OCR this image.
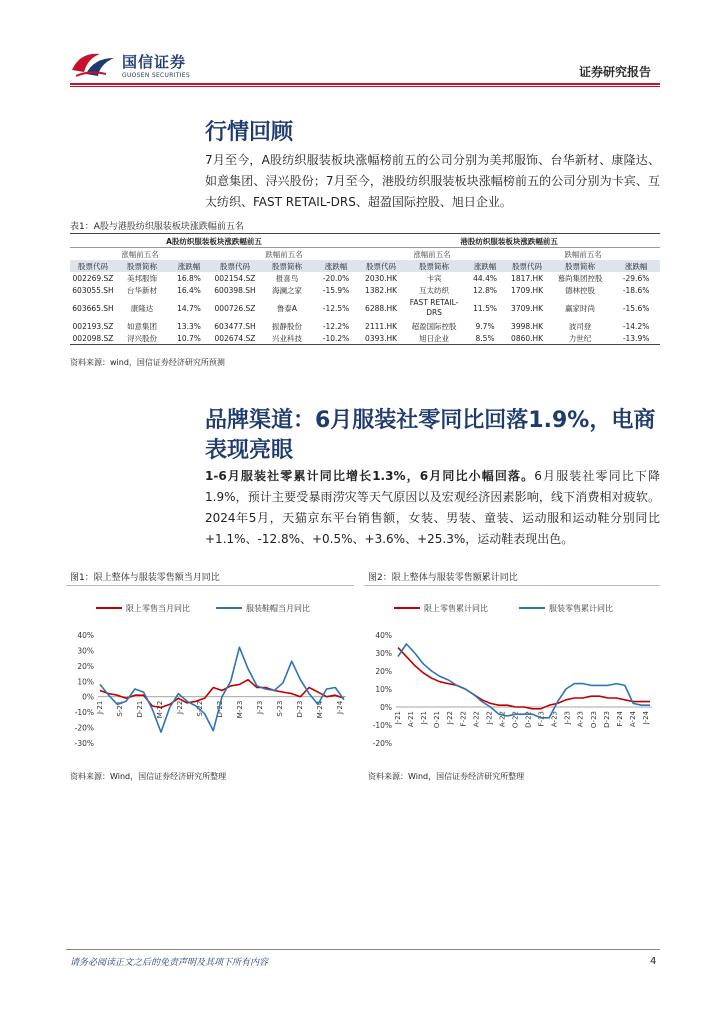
国信证券
GUOSEN SECURITIES	证券研究报告
行情回顾
7月至今，A股纺织服装板块涨幅榜前五的公司分别为美邦服饰、台华新材、康隆达、如意集团、浔兴股份；7月至今，港股纺织服装板块涨幅榜前五的公司分别为卡宾、互太纺织、FAST RETAIL-DRS、超盈国际控股、旭日企业。
表1：A股与港股纺织服装板块涨跌幅前五名
A股纺织服装板块涨跌幅前五						港股纺织服装板块涨跌幅前五					
涨幅前五名			跌幅前五名			涨幅前五名			跌幅前五名		
股票代码	股票简称	涨跌幅	股票代码	股票简称	涨跌幅	股票代码	股票简称	涨跌幅	股票代码	股票简称	涨跌幅
002269.SZ	美邦服饰	16.8%	002154.SZ	报喜鸟	-20.0%	2030.HK	卡宾	44.4%	1817.HK	慕尚集团控股	-29.6%
603055.SH	台华新材	16.4%	600398.SH	海澜之家	-15.9%	1382.HK	互太纺织	12.8%	1709.HK	德林控股	-18.6%
603665.SH	康隆达	14.7%	000726.SZ	鲁泰A	-12.5%	6288.HK	FAST RETAIL-DRS	11.5%	3709.HK	赢家时尚	-15.6%
002193.SZ	如意集团	13.3%	603477.SH	振静股份	-12.2%	2111.HK	超盈国际控股	9.7%	3998.HK	波司登	-14.2%
002098.SZ	浔兴股份	10.7%	002674.SZ	兴业科技	-10.2%	0393.HK	旭日企业	8.5%	0860.HK	力世纪	-13.9%
资料来源：wind，国信证券经济研究所预测
品牌渠道：6月服装社零同比回落1.9%，电商
表现亮眼
1-6月服装社零累计同比增长1.3%，6月同比小幅回落。6月服装社零同比下降1.9%，预计主要受暴雨涝灾等天气原因以及宏观经济因素影响，线下消费相对疲软。2024年5月，天猫京东平台销售额，女装、男装、童装、运动服和运动鞋分别同比+1.1%、-12.8%、+0.5%、+3.6%、+25.3%，运动鞋表现出色。
图1：限上整体与服装零售额当月同比
限上零售当月同比	服装鞋帽当月同比
40%
30%
20%
10%
0%
-10%
-20%
-30%
J-21 S-21 D-21 M-22 J-22 S-22 D-22 M-23 J-23 S-23 D-23 M-24 J-24
资料来源：Wind，国信证券经济研究所整理
图2：限上整体与服装零售额累计同比
限上零售累计同比	服装零售累计同比
40%
30%
20%
10%
0%
-10%
-20%
J-21 A-21 J-21 O-21 J-22 F-22 A-22 J-22 A-22 O-22 D-22 F-23 A-23 J-23 A-23 O-23 D-23 F-24 A-24 J-24
资料来源：Wind，国信证券经济研究所整理
请务必阅读正文之后的免责声明及其项下所有内容	4
